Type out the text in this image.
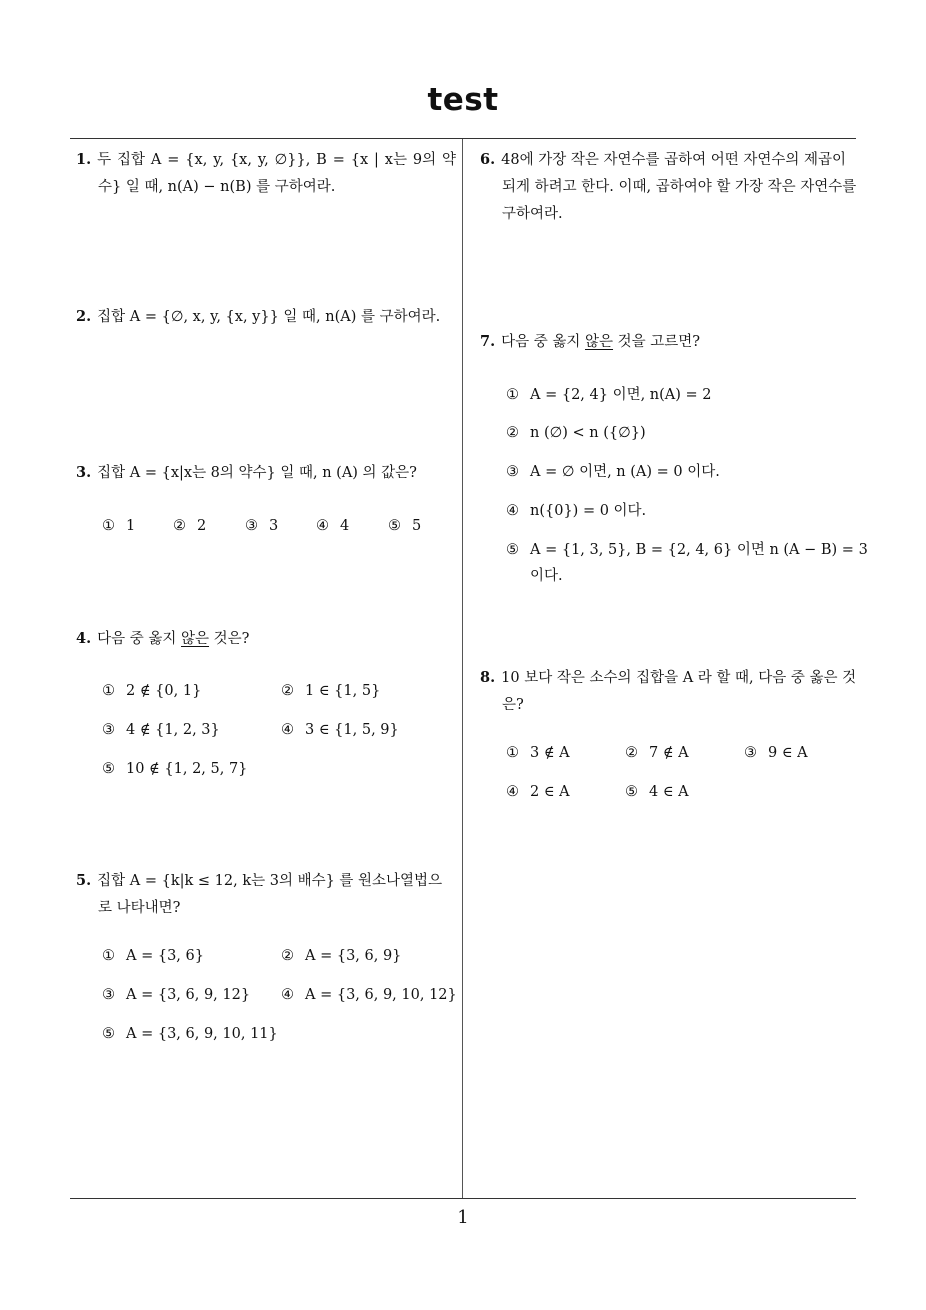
test
1. 두 집합 A = {x, y, {x, y, ∅}}, B = {x | x는 9의 약수} 일 때, n(A) − n(B) 를 구하여라.
2. 집합 A = {∅, x, y, {x, y}} 일 때, n(A) 를 구하여라.
3. 집합 A = {x|x는 8의 약수} 일 때, n (A) 의 값은?
① 1	② 2	③ 3	④ 4	⑤ 5
4. 다음 중 옳지 않은 것은?
① 2 ∉ {0, 1}	② 1 ∈ {1, 5}
③ 4 ∉ {1, 2, 3}	④ 3 ∈ {1, 5, 9}
⑤ 10 ∉ {1, 2, 5, 7}
5. 집합 A = {k|k ≤ 12, k는 3의 배수} 를 원소나열법으로 나타내면?
① A = {3, 6}	② A = {3, 6, 9}
③ A = {3, 6, 9, 12} ④ A = {3, 6, 9, 10, 12}
⑤ A = {3, 6, 9, 10, 11}
6. 48에 가장 작은 자연수를 곱하여 어떤 자연수의 제곱이 되게 하려고 한다. 이때, 곱하여야 할 가장 작은 자연수를 구하여라.
7. 다음 중 옳지 않은 것을 고르면?
① A = {2, 4} 이면, n(A) = 2
② n (∅) < n ({∅})
③ A = ∅ 이면, n (A) = 0 이다.
④ n({0}) = 0 이다.
⑤ A = {1, 3, 5}, B = {2, 4, 6} 이면 n (A − B) = 3 이다.
8. 10 보다 작은 소수의 집합을 A 라 할 때, 다음 중 옳은 것은?
① 3 ∉ A	② 7 ∉ A	③ 9 ∈ A
④ 2 ∈ A	⑤ 4 ∈ A
1
